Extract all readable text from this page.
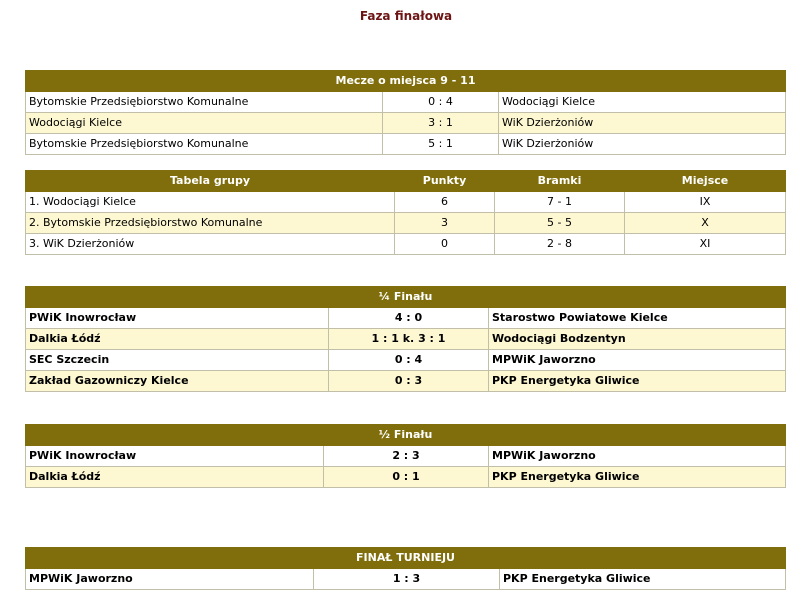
Faza finałowa
Mecze o miejsca 9 - 11		
Bytomskie Przedsiębiorstwo Komunalne	0 : 4	Wodociągi Kielce
Wodociągi Kielce	3 : 1	WiK Dzierżoniów
Bytomskie Przedsiębiorstwo Komunalne	5 : 1	WiK Dzierżoniów
Tabela grupy	Punkty	Bramki	Miejsce
1. Wodociągi Kielce	6	7 - 1	IX
2. Bytomskie Przedsiębiorstwo Komunalne	3	5 - 5	X
3. WiK Dzierżoniów	0	2 - 8	XI
¼ Finału		
PWiK Inowrocław	4 : 0	Starostwo Powiatowe Kielce
Dalkia Łódź	1 : 1 k. 3 : 1	Wodociągi Bodzentyn
SEC Szczecin	0 : 4	MPWiK Jaworzno
Zakład Gazowniczy Kielce	0 : 3	PKP Energetyka Gliwice
½ Finału		
PWiK Inowrocław	2 : 3	MPWiK Jaworzno
Dalkia Łódź	0 : 1	PKP Energetyka Gliwice
FINAŁ TURNIEJU
MPWiK Jaworzno	1 : 3	PKP Energetyka Gliwice
